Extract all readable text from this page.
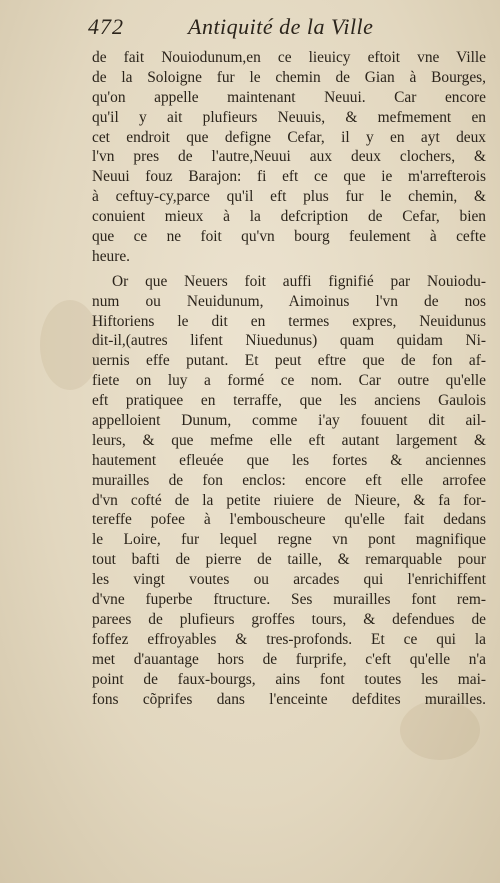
472	Antiquité de la Ville
de fait Nouiodunum,en ce lieuicy eftoit vne Ville
de la Soloigne fur le chemin de Gian à Bourges,
qu'on appelle maintenant Neuui. Car encore
qu'il y ait plufieurs Neuuis, & mefmement en
cet endroit que defigne Cefar, il y en ayt deux
l'vn pres de l'autre,Neuui aux deux clochers, &
Neuui fouz Barajon: fi eft ce que ie m'arrefterois
à ceftuy-cy,parce qu'il eft plus fur le chemin, &
conuient mieux à la defcription de Cefar, bien
que ce ne foit qu'vn bourg feulement à cefte
heure.
Or que Neuers foit auffi fignifié par Nouiodu-
num ou Neuidunum, Aimoinus l'vn de nos
Hiftoriens le dit en termes expres, Neuidunus
dit-il,(autres lifent Niuedunus) quam quidam Ni-
uernis effe putant. Et peut eftre que de fon af-
fiete on luy a formé ce nom. Car outre qu'elle
eft pratiquee en terraffe, que les anciens Gaulois
appelloient Dunum, comme i'ay fouuent dit ail-
leurs, & que mefme elle eft autant largement &
hautement efleuée que les fortes & anciennes
murailles de fon enclos: encore eft elle arrofee
d'vn cofté de la petite riuiere de Nieure, & fa for-
tereffe pofee à l'embouscheure qu'elle fait dedans
le Loire, fur lequel regne vn pont magnifique
tout bafti de pierre de taille, & remarquable pour
les vingt voutes ou arcades qui l'enrichiffent
d'vne fuperbe ftructure. Ses murailles font rem-
parees de plufieurs groffes tours, & defendues de
foffez effroyables & tres-profonds. Et ce qui la
met d'auantage hors de furprife, c'eft qu'elle n'a
point de faux-bourgs, ains font toutes les mai-
fons cõprifes dans l'enceinte defdites murailles.
